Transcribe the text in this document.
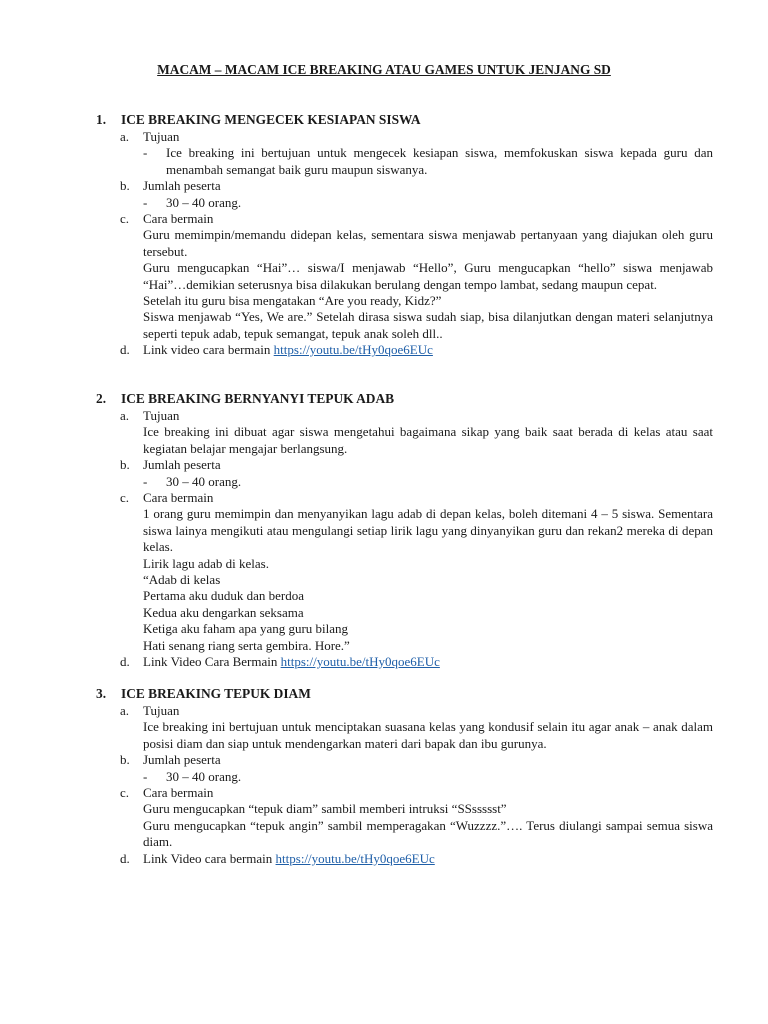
MACAM – MACAM ICE BREAKING ATAU GAMES UNTUK JENJANG SD
1. ICE BREAKING MENGECEK KESIAPAN SISWA
a. Tujuan
- Ice breaking ini bertujuan untuk mengecek kesiapan siswa, memfokuskan siswa kepada guru dan menambah semangat baik guru maupun siswanya.
b. Jumlah peserta
- 30 – 40 orang.
c. Cara bermain
Guru memimpin/memandu didepan kelas, sementara siswa menjawab pertanyaan yang diajukan oleh guru tersebut.
Guru mengucapkan “Hai”… siswa/I menjawab “Hello”, Guru mengucapkan “hello” siswa menjawab “Hai”…demikian seterusnya bisa dilakukan berulang dengan tempo lambat, sedang maupun cepat.
Setelah itu guru bisa mengatakan “Are you ready, Kidz?”
Siswa menjawab “Yes, We are.” Setelah dirasa siswa sudah siap, bisa dilanjutkan dengan materi selanjutnya seperti tepuk adab, tepuk semangat, tepuk anak soleh dll..
d. Link video cara bermain https://youtu.be/tHy0qoe6EUc
2. ICE BREAKING BERNYANYI TEPUK ADAB
a. Tujuan
Ice breaking ini dibuat agar siswa mengetahui bagaimana sikap yang baik saat berada di kelas atau saat kegiatan belajar mengajar berlangsung.
b. Jumlah peserta
- 30 – 40 orang.
c. Cara bermain
1 orang guru memimpin dan menyanyikan lagu adab di depan kelas, boleh ditemani 4 – 5 siswa. Sementara siswa lainya mengikuti atau mengulangi setiap lirik lagu yang dinyanyikan guru dan rekan2 mereka di depan kelas.
Lirik lagu adab di kelas.
“Adab di kelas
Pertama aku duduk dan berdoa
Kedua aku dengarkan seksama
Ketiga aku faham apa yang guru bilang
Hati senang riang serta gembira. Hore.”
d. Link Video Cara Bermain https://youtu.be/tHy0qoe6EUc
3. ICE BREAKING TEPUK DIAM
a. Tujuan
Ice breaking ini bertujuan untuk menciptakan suasana kelas yang kondusif selain itu agar anak – anak dalam posisi diam dan siap untuk mendengarkan materi dari bapak dan ibu gurunya.
b. Jumlah peserta
- 30 – 40 orang.
c. Cara bermain
Guru mengucapkan “tepuk diam” sambil memberi intruksi “SSssssst”
Guru mengucapkan “tepuk angin” sambil memperagakan “Wuzzzz.”…. Terus diulangi sampai semua siswa diam.
d. Link Video cara bermain https://youtu.be/tHy0qoe6EUc
